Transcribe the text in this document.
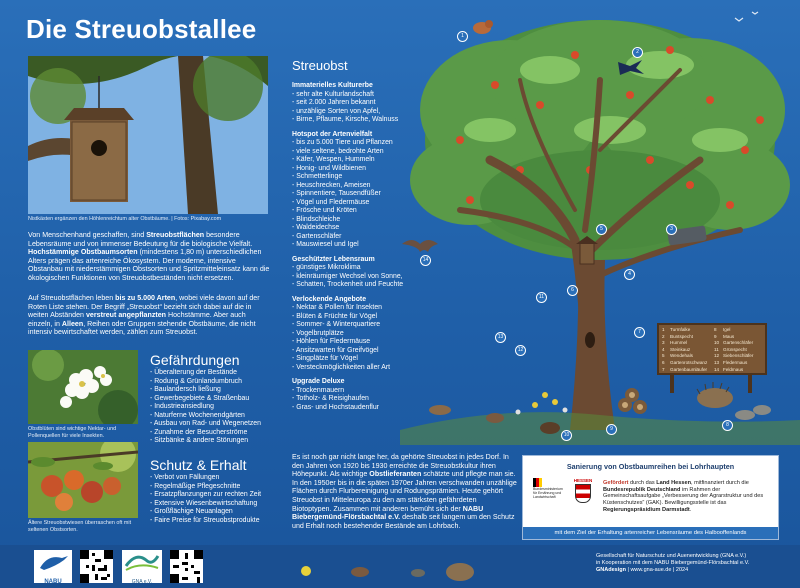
Die Streuobstallee
Nistkästen ergänzen den Höhlenreichtum alter Obstbäume. | Fotos: Pixabay.com
Von Menschenhand geschaffen, sind Streuobstflächen besondere Lebensräume und von immenser Bedeutung für die biologische Vielfalt. Hochstämmige Obstbaumsorten (mindestens 1,80 m) unterschiedlichen Alters prägen das artenreiche Ökosystem. Der moderne, intensive Obstanbau mit niederstämmigen Obstsorten und Spritzmitteleinsatz kann die ökologischen Funktionen von Streuobstbeständen nicht ersetzen.
Auf Streuobstflächen leben bis zu 5.000 Arten, wobei viele davon auf der Roten Liste stehen. Der Begriff „Streuobst“ bezieht sich dabei auf die in weiten Abständen verstreut angepflanzten Hochstämme. Aber auch einzeln, in Alleen, Reihen oder Gruppen stehende Obstbäume, die nicht intensiv bewirtschaftet werden, zählen zum Streuobst.
Obstblüten sind wichtige Nektar- und Pollenquellen für viele Insekten.
Ältere Streuobstwiesen überraschen oft mit seltenen Obstsorten.
Gefährdungen
- Überalterung der Bestände
- Rodung & Grünlandumbruch
- Baulandersch ließung
- Gewerbegebiete & Straßenbau
- Industrieansiedlung
- Naturferne Wochenendgärten
- Ausbau von Rad- und Wegenetzen
- Zunahme der Besucherströme
- Sitzbänke & andere Störungen
Schutz & Erhalt
- Verbot von Fällungen
- Regelmäßige Pflegeschnitte
- Ersatzpflanzungen zur rechten Zeit
- Extensive Wiesenbewirtschaftung
- Großflächige Neuanlagen
- Faire Preise für Streuobstprodukte
Streuobst
Immaterielles Kulturerbe
- sehr alte Kulturlandschaft
- seit 2.000 Jahren bekannt
- unzählige Sorten von Apfel,
- Birne, Pflaume, Kirsche, Walnuss
Hotspot der Artenvielfalt
- bis zu 5.000 Tiere und Pflanzen
- viele seltene, bedrohte Arten
- Käfer, Wespen, Hummeln
- Honig- und Wildbienen
- Schmetterlinge
- Heuschrecken, Ameisen
- Spinnentiere, Tausendfüßer
- Vögel und Fledermäuse
- Frösche und Kröten
- Blindschleiche
- Waldeidechse
- Gartenschläfer
- Mauswiesel und Igel
Geschützter Lebensraum
- günstiges Mikroklima
- kleinräumiger Wechsel von Sonne,
- Schatten, Trockenheit und Feuchte
Verlockende Angebote
- Nektar & Pollen für Insekten
- Blüten & Früchte für Vögel
- Sommer- & Winterquartiere
- Vogelbrutplätze
- Höhlen für Fledermäuse
- Ansitzwarten für Greifvögel
- Singplätze für Vögel
- Versteckmöglichkeiten aller Art
Upgrade Deluxe
- Trockenmauern
- Totholz- & Reisighaufen
- Gras- und Hochstaudenflur
Es ist noch gar nicht lange her, da gehörte Streuobst in jedes Dorf. In den Jahren von 1920 bis 1930 erreichte die Streuobstkultur ihren Höhepunkt. Als wichtige Obstlieferanten schätzte und pflegte man sie. In den 1950er bis in die späten 1970er Jahren verschwanden unzählige Flächen durch Flurbereinigung und Rodungsprämien. Heute gehört Streuobst in Mitteleuropa zu den am stärksten gefährdeten Biotoptypen. Zusammen mit anderen bemüht sich der NABU Biebergemünd-Flörsbachtal e.V. deshalb seit langem um den Schutz und Erhalt noch bestehender Bestände am Lohrbach.
1	Turmfalke	8	Igel
2	Buntspecht	9	Maus
3	Hummel	10 Gartenschläfer
4	Steinkauz	11 Grünspecht
5	Wendehals	12 Siebenschläfer
6	Gartenrotschwanz	13 Fledermaus
7	Gartenbaumläufer	14 Feldmaus
1
2
3
4
5
6
7
8
9
10
11
12
13
14
Sanierung von Obstbaumreihen bei Lohrhaupten
Bundesministerium für Ernährung und Landwirtschaft
HESSEN	Gefördert durch das Land Hessen, mitfinanziert durch die Bundesrepublik Deutschland im Rahmen der Gemeinschaftsaufgabe „Verbesserung der Agrarstruktur und des Küstenschutzes“ (GAK). Bewilligungsstelle ist das Regierungspräsidium Darmstadt.
mit dem Ziel der Erhaltung artenreicher Lebensräume des Halbooffenlands
NABU	GNA e.V.
Gesellschaft für Naturschutz und Auenentwicklung (GNA e.V.)
in Kooperation mit dem NABU Biebergemünd-Flörsbachtal e.V.
GNAdesign | www.gna-aue.de | 2024
